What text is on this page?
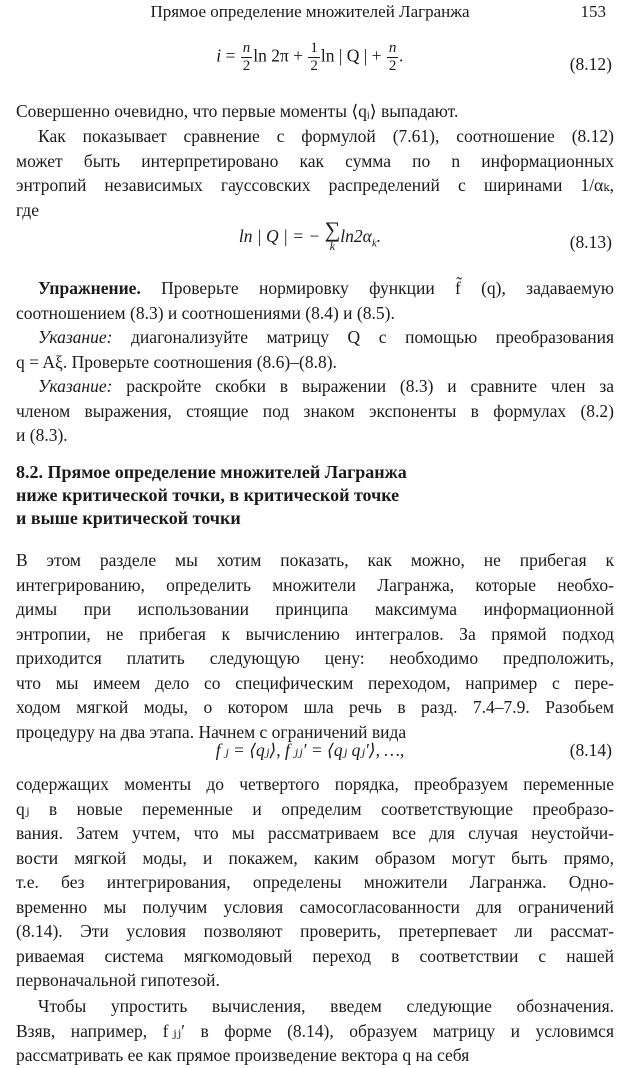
Прямое определение множителей Лагранжа	153
$i = \frac{n}{2}$ $\ln 2\pi + \frac{1}{2}$ ln | Q | + $\frac{n}{2}$ .	(8.12)

Совершенно очевидно, что первые моменты ⟨qᵢ⟩ выпадают.

Как показывает сравнение с формулой (7.61), соотношение (8.12)
может быть интерпретировано как сумма по n информационных
энтропий независимых гауссовских распределений с ширинами 1/αₖ,
где
ln | Q | = − ∑
k $\ln 2\alpha_k$.	(8.13)
Упражнение. Проверьте нормировку функции f̃ (q), задаваемую
соотношением (8.3) и соотношениями (8.4) и (8.5).
Указание: диагонализуйте матрицу Q с помощью преобразования
q = Aξ. Проверьте соотношения (8.6)–(8.8).
Указание: раскройте скобки в выражении (8.3) и сравните член за
членом выражения, стоящие под знаком экспоненты в формулах (8.2)
и (8.3).
8.2. Прямое определение множителей Лагранжа
ниже критической точки, в критической точке
и выше критической точки
В этом разделе мы хотим показать, как можно, не прибегая к
интегрированию, определить множители Лагранжа, которые необхо-
димы при использовании принципа максимума информационной
энтропии, не прибегая к вычислению интегралов. За прямой подход
приходится платить следующую цену: необходимо предположить,
что мы имеем дело со специфическим переходом, например с пере-
ходом мягкой моды, о котором шла речь в разд. 7.4–7.9. Разобьем
процедуру на два этапа. Начнем с ограничений вида
f ⱼ = ⟨qⱼ⟩, f ⱼⱼ′ = ⟨qⱼ qⱼ′⟩, …,	(8.14)
содержащих моменты до четвертого порядка, преобразуем переменные
qⱼ в новые переменные и определим соответствующие преобразо-
вания. Затем учтем, что мы рассматриваем все для случая неустойчи-
вости мягкой моды, и покажем, каким образом могут быть прямо,
т.е. без интегрирования, определены множители Лагранжа. Одно-
временно мы получим условия самосогласованности для ограничений
(8.14). Эти условия позволяют проверить, претерпевает ли рассмат-
риваемая система мягкомодовый переход в соответствии с нашей
первоначальной гипотезой.
Чтобы упростить вычисления, введем следующие обозначения.
Взяв, например, f ⱼⱼ′ в форме (8.14), образуем матрицу и условимся
рассматривать ее как прямое произведение вектора q на себя
